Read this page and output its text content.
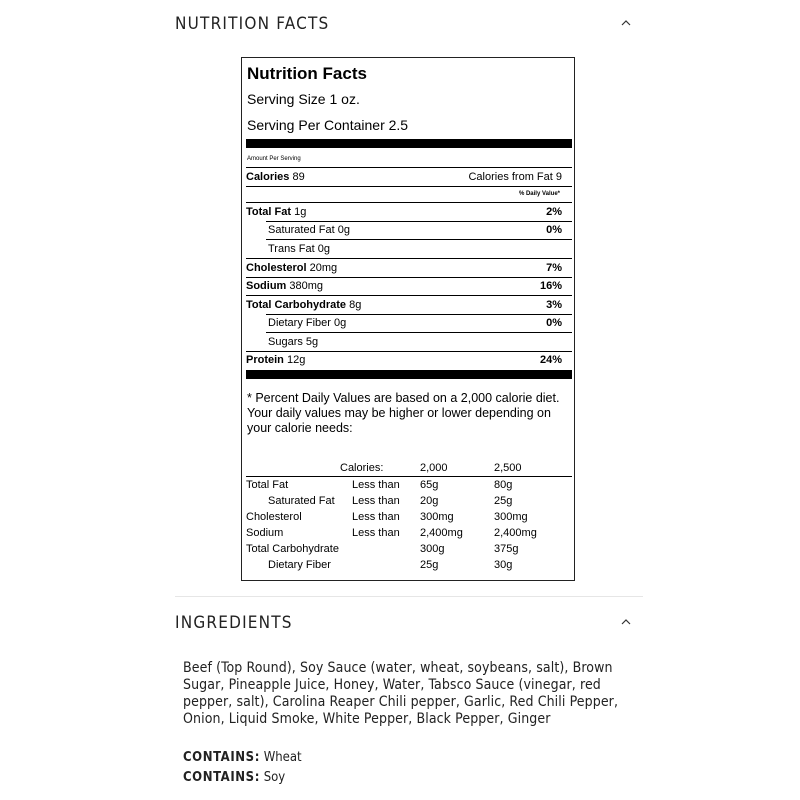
NUTRITION FACTS
Nutrition Facts
Serving Size 1 oz.
Serving Per Container 2.5
Amount Per Serving
Calories 89	Calories from Fat 9
% Daily Value*
Total Fat 1g	2%
Saturated Fat 0g	0%
Trans Fat 0g
Cholesterol 20mg	7%
Sodium 380mg	16%
Total Carbohydrate 8g	3%
Dietary Fiber 0g	0%
Sugars 5g
Protein 12g	24%
* Percent Daily Values are based on a 2,000 calorie diet. Your daily values may be higher or lower depending on your calorie needs:
Calories:	2,000	2,500
Total Fat	Less than 65g	80g
Saturated Fat Less than 20g	25g
Cholesterol	Less than 300mg	300mg
Sodium	Less than 2,400mg	2,400mg
Total Carbohydrate	300g	375g
Dietary Fiber	25g	30g
INGREDIENTS
Beef (Top Round), Soy Sauce (water, wheat, soybeans, salt), Brown Sugar, Pineapple Juice, Honey, Water, Tabsco Sauce (vinegar, red pepper, salt), Carolina Reaper Chili pepper, Garlic, Red Chili Pepper, Onion, Liquid Smoke, White Pepper, Black Pepper, Ginger
CONTAINS: Wheat
CONTAINS: Soy
